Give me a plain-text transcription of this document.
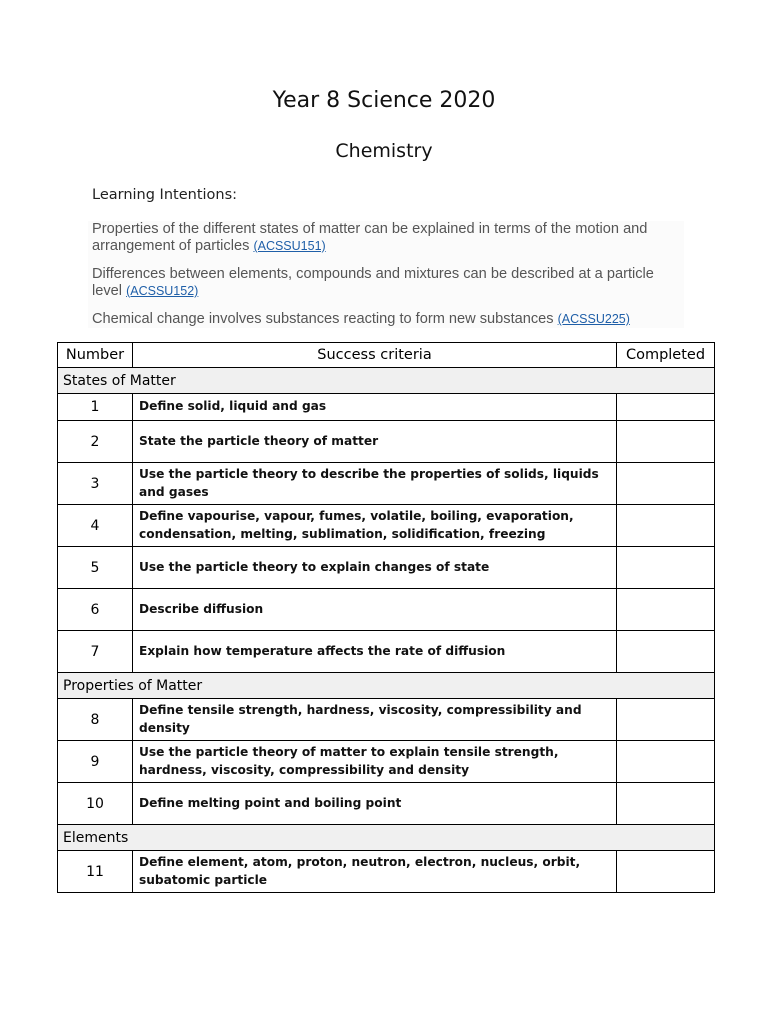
Year 8 Science 2020
Chemistry
Learning Intentions:
Properties of the different states of matter can be explained in terms of the motion and arrangement of particles (ACSSU151)
Differences between elements, compounds and mixtures can be described at a particle level (ACSSU152)
Chemical change involves substances reacting to form new substances (ACSSU225)
Number	Success criteria	Completed
States of Matter		
1	Define solid, liquid and gas	
2	State the particle theory of matter	
3	Use the particle theory to describe the properties of solids, liquids and gases	
4	Define vapourise, vapour, fumes, volatile, boiling, evaporation, condensation, melting, sublimation, solidification, freezing	
5	Use the particle theory to explain changes of state	
6	Describe diffusion	
7	Explain how temperature affects the rate of diffusion	
Properties of Matter		
8	Define tensile strength, hardness, viscosity, compressibility and density	
9	Use the particle theory of matter to explain tensile strength, hardness, viscosity, compressibility and density	
10	Define melting point and boiling point	
Elements		
11	Define element, atom, proton, neutron, electron, nucleus, orbit, subatomic particle	
